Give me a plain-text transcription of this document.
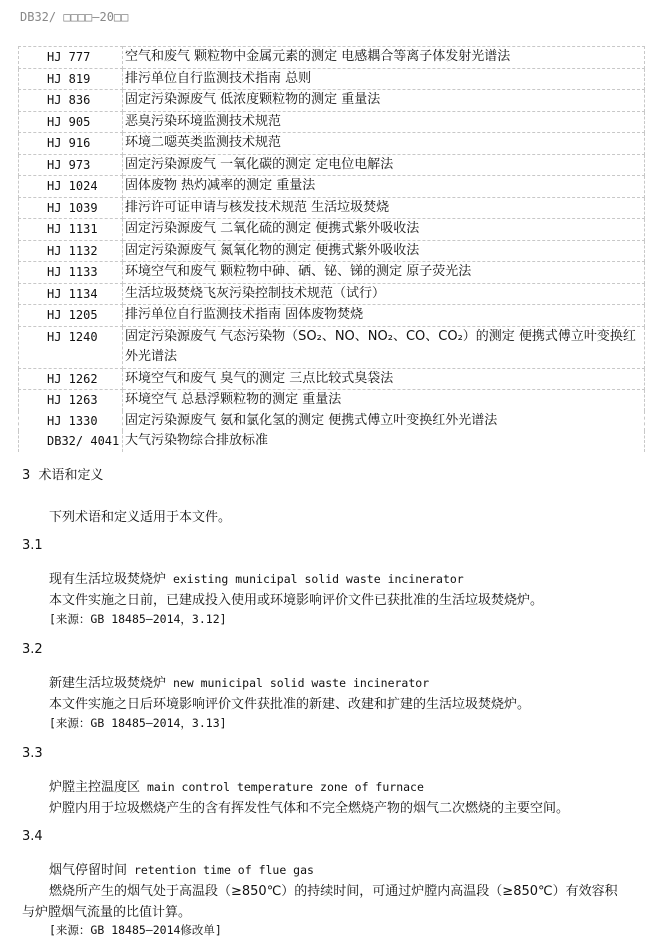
DB32/ □□□□—20□□
HJ 777	空气和废气 颗粒物中金属元素的测定 电感耦合等离子体发射光谱法
HJ 819	排污单位自行监测技术指南 总则
HJ 836	固定污染源废气 低浓度颗粒物的测定 重量法
HJ 905	恶臭污染环境监测技术规范
HJ 916	环境二噁英类监测技术规范
HJ 973	固定污染源废气 一氧化碳的测定 定电位电解法
HJ 1024	固体废物 热灼减率的测定 重量法
HJ 1039	排污许可证申请与核发技术规范 生活垃圾焚烧
HJ 1131	固定污染源废气 二氧化硫的测定 便携式紫外吸收法
HJ 1132	固定污染源废气 氮氧化物的测定 便携式紫外吸收法
HJ 1133	环境空气和废气 颗粒物中砷、硒、铋、锑的测定 原子荧光法
HJ 1134	生活垃圾焚烧飞灰污染控制技术规范（试行）
HJ 1205	排污单位自行监测技术指南 固体废物焚烧
HJ 1240	固定污染源废气 气态污染物（SO₂、NO、NO₂、CO、CO₂）的测定 便携式傅立叶变换红外光谱法
HJ 1262	环境空气和废气 臭气的测定 三点比较式臭袋法
HJ 1263	环境空气 总悬浮颗粒物的测定 重量法
HJ 1330	固定污染源废气 氨和氯化氢的测定 便携式傅立叶变换红外光谱法
DB32/ 4041	大气污染物综合排放标准
3 术语和定义
下列术语和定义适用于本文件。
3.1
现有生活垃圾焚烧炉 existing municipal solid waste incinerator
本文件实施之日前，已建成投入使用或环境影响评价文件已获批准的生活垃圾焚烧炉。
[来源：GB 18485—2014，3.12]
3.2
新建生活垃圾焚烧炉 new municipal solid waste incinerator
本文件实施之日后环境影响评价文件获批准的新建、改建和扩建的生活垃圾焚烧炉。
[来源：GB 18485—2014，3.13]
3.3
炉膛主控温度区 main control temperature zone of furnace
炉膛内用于垃圾燃烧产生的含有挥发性气体和不完全燃烧产物的烟气二次燃烧的主要空间。
3.4
烟气停留时间 retention time of flue gas
燃烧所产生的烟气处于高温段（≥850℃）的持续时间，可通过炉膛内高温段（≥850℃）有效容积
与炉膛烟气流量的比值计算。
[来源：GB 18485—2014修改单]
